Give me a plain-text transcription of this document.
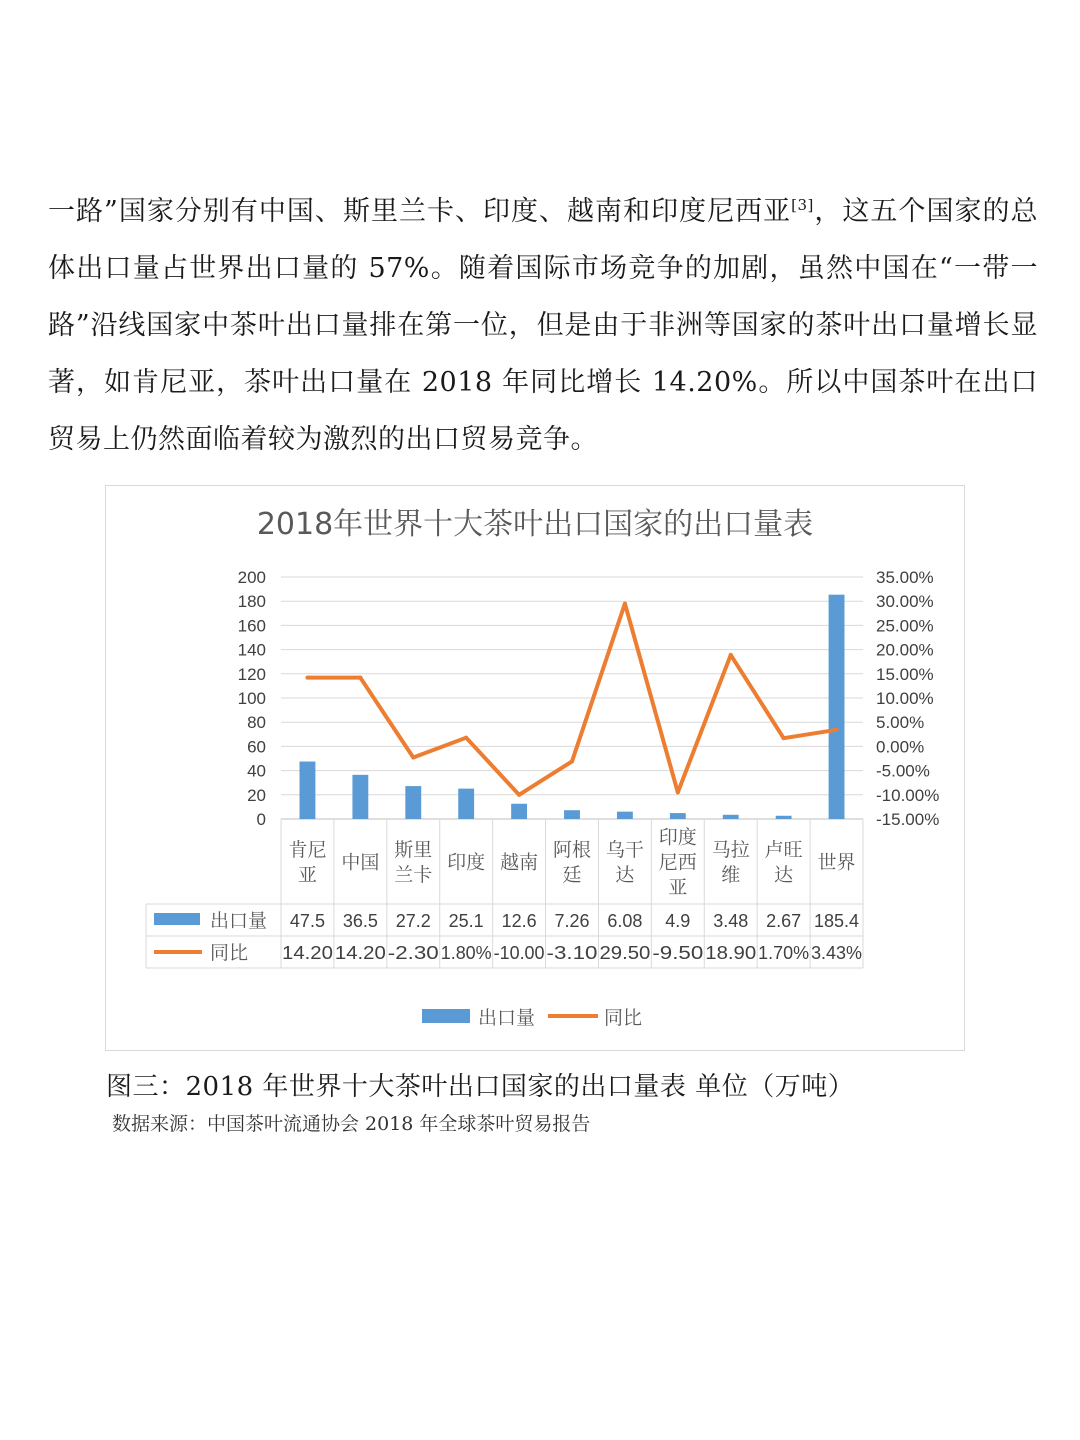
一路”国家分别有中国、斯里兰卡、印度、越南和印度尼西亚[3]，这五个国家的总体出口量占世界出口量的 57%。随着国际市场竞争的加剧，虽然中国在“一带一路”沿线国家中茶叶出口量排在第一位，但是由于非洲等国家的茶叶出口量增长显著，如肯尼亚，茶叶出口量在 2018 年同比增长 14.20%。所以中国茶叶在出口贸易上仍然面临着较为激烈的出口贸易竞争。

2018年世界十大茶叶出口国家的出口量表
0
20
40
60
80
100
120
140
160
180
200
-15.00%
-10.00%
-5.00%
0.00%
5.00%
10.00%
15.00%
20.00%
25.00%
30.00%
35.00%
肯尼亚
中国
斯里兰卡
印度 越南
阿根廷
乌干达
印度尼西亚
马拉维
卢旺达
世界
出口量
同比
47.5 36.5 27.2 25.1 12.6 7.26 6.08 4.9 3.48 2.67 185.4
14.20 14.20 -2.30 1.80% -10.00 -3.10 29.50 -9.50 18.90 1.70% 3.43%
出口量	同比

图三：2018 年世界十大茶叶出口国家的出口量表 单位（万吨）

数据来源：中国茶叶流通协会 2018 年全球茶叶贸易报告
